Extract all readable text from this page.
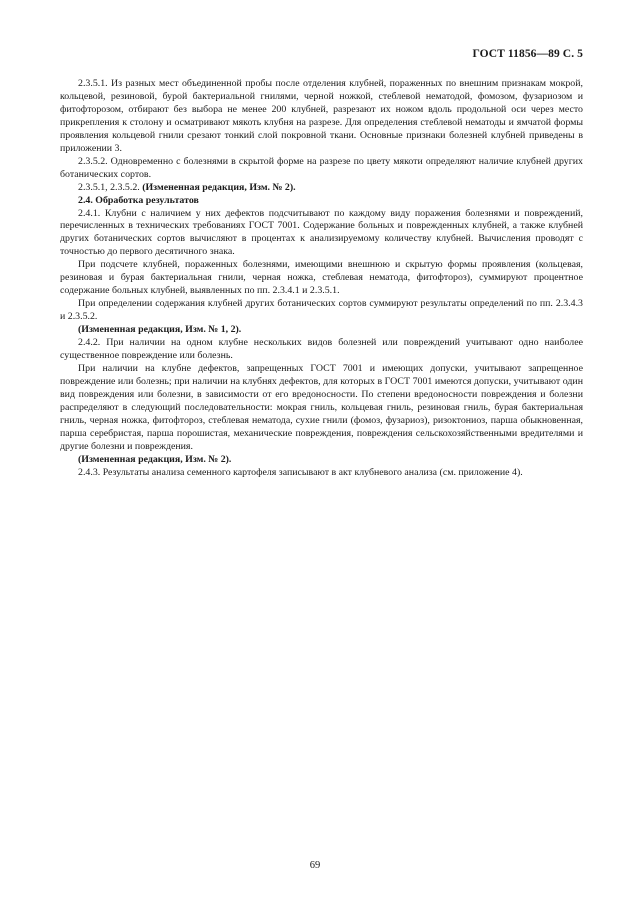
ГОСТ 11856—89 С. 5

2.3.5.1. Из разных мест объединенной пробы после отделения клубней, пораженных по внешним признакам мокрой, кольцевой, резиновой, бурой бактериальной гнилями, черной ножкой, стеблевой нематодой, фомозом, фузариозом и фитофторозом, отбирают без выбора не менее 200 клубней, разрезают их ножом вдоль продольной оси через место прикрепления к столону и осматривают мякоть клубня на разрезе. Для определения стеблевой нематоды и ямчатой формы проявления кольцевой гнили срезают тонкий слой покровной ткани. Основные признаки болезней клубней приведены в приложении 3.

2.3.5.2. Одновременно с болезнями в скрытой форме на разрезе по цвету мякоти определяют наличие клубней других ботанических сортов.

2.3.5.1, 2.3.5.2. (Измененная редакция, Изм. № 2).

2.4. Обработка результатов

2.4.1. Клубни с наличием у них дефектов подсчитывают по каждому виду поражения болезнями и повреждений, перечисленных в технических требованиях ГОСТ 7001. Содержание больных и поврежденных клубней, а также клубней других ботанических сортов вычисляют в процентах к анализируемому количеству клубней. Вычисления проводят с точностью до первого десятичного знака.

При подсчете клубней, пораженных болезнями, имеющими внешнюю и скрытую формы проявления (кольцевая, резиновая и бурая бактериальная гнили, черная ножка, стеблевая нематода, фитофтороз), суммируют процентное содержание больных клубней, выявленных по пп. 2.3.4.1 и 2.3.5.1.

При определении содержания клубней других ботанических сортов суммируют результаты определений по пп. 2.3.4.3 и 2.3.5.2.

(Измененная редакция, Изм. № 1, 2).

2.4.2. При наличии на одном клубне нескольких видов болезней или повреждений учитывают одно наиболее существенное повреждение или болезнь.

При наличии на клубне дефектов, запрещенных ГОСТ 7001 и имеющих допуски, учитывают запрещенное повреждение или болезнь; при наличии на клубнях дефектов, для которых в ГОСТ 7001 имеются допуски, учитывают один вид повреждения или болезни, в зависимости от его вредоносности. По степени вредоносности повреждения и болезни распределяют в следующий последовательности: мокрая гниль, кольцевая гниль, резиновая гниль, бурая бактериальная гниль, черная ножка, фитофтороз, стеблевая нематода, сухие гнили (фомоз, фузариоз), ризоктониоз, парша обыкновенная, парша серебристая, парша порошистая, механические повреждения, повреждения сельскохозяйственными вредителями и другие болезни и повреждения.

(Измененная редакция, Изм. № 2).

2.4.3. Результаты анализа семенного картофеля записывают в акт клубневого анализа (см. приложение 4).

69
